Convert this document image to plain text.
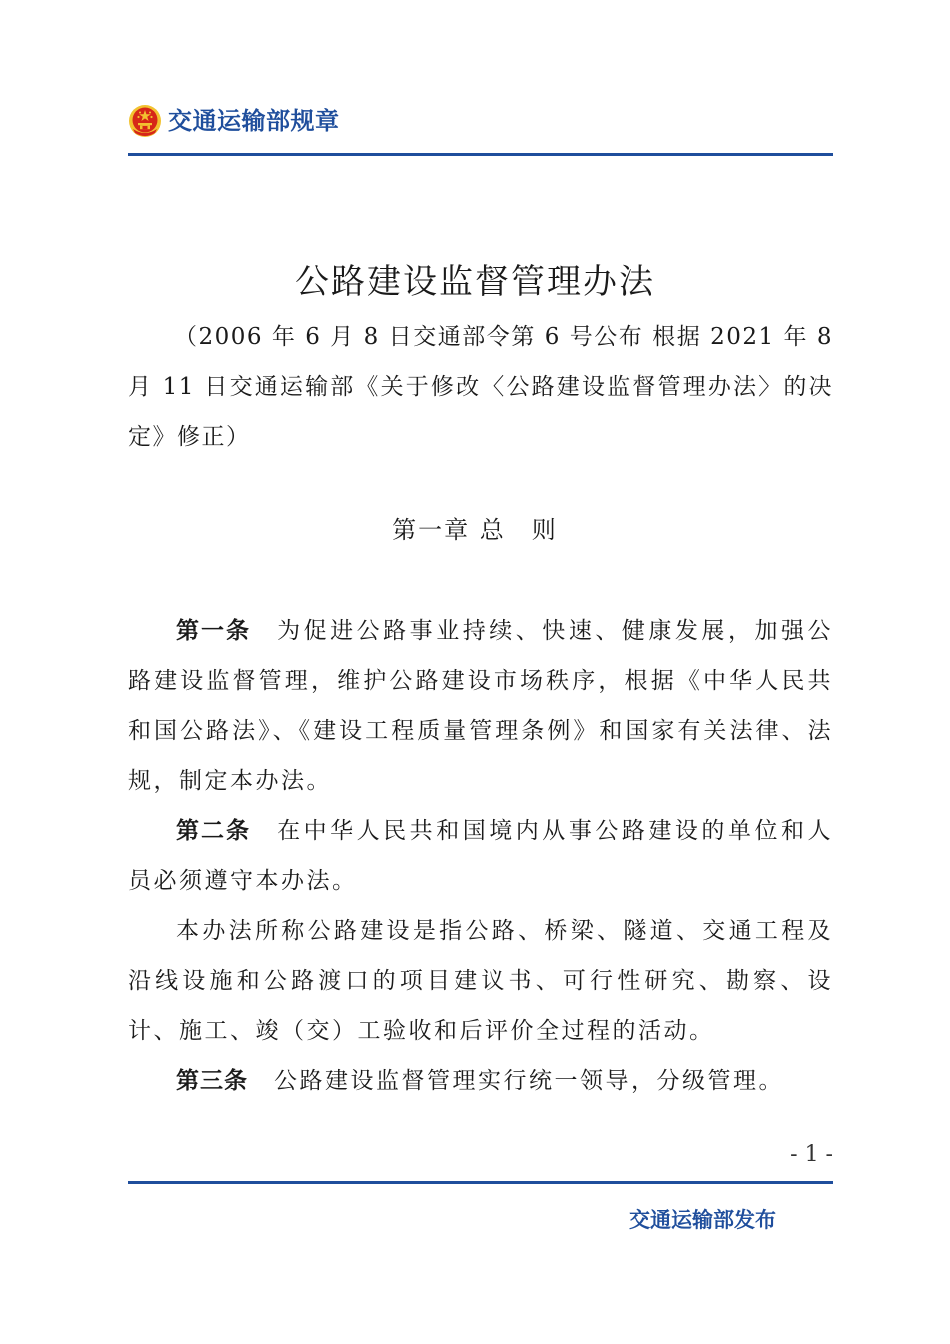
交通运输部规章
公路建设监督管理办法

（2006 年 6 月 8 日交通部令第 6 号公布 根据 2021 年 8 月 11 日交通运输部《关于修改〈公路建设监督管理办法〉的决定》修正）

第一章 总　则

第一条 为促进公路事业持续、快速、健康发展，加强公路建设监督管理，维护公路建设市场秩序，根据《中华人民共和国公路法》、《建设工程质量管理条例》和国家有关法律、法规，制定本办法。

第二条 在中华人民共和国境内从事公路建设的单位和人员必须遵守本办法。

本办法所称公路建设是指公路、桥梁、隧道、交通工程及沿线设施和公路渡口的项目建议书、可行性研究、勘察、设计、施工、竣（交）工验收和后评价全过程的活动。

第三条 公路建设监督管理实行统一领导，分级管理。

- 1 -
交通运输部发布
